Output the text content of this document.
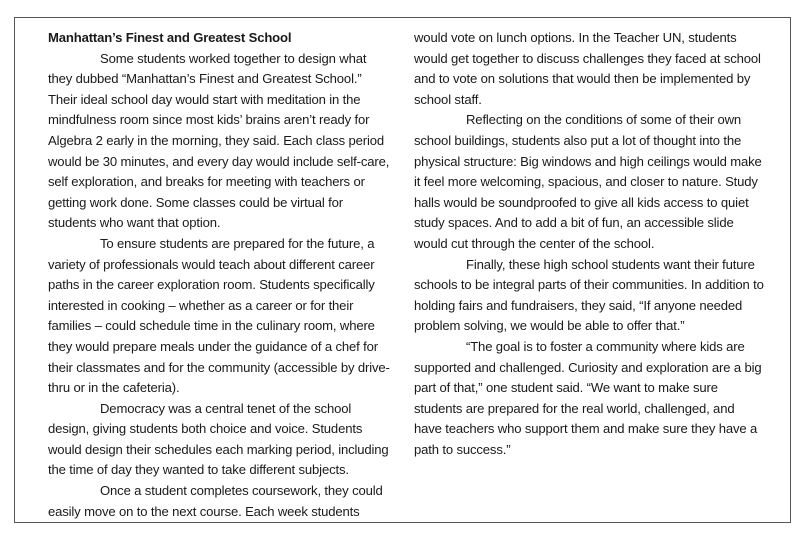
Manhattan’s Finest and Greatest School

Some students worked together to design what they dubbed “Manhattan’s Finest and Greatest School.” Their ideal school day would start with meditation in the mindfulness room since most kids’ brains aren’t ready for Algebra 2 early in the morning, they said. Each class period would be 30 minutes, and every day would include self-care, self exploration, and breaks for meeting with teachers or getting work done. Some classes could be virtual for students who want that option.

To ensure students are prepared for the future, a variety of professionals would teach about different career paths in the career exploration room. Students specifically interested in cooking – whether as a career or for their families – could schedule time in the culinary room, where they would prepare meals under the guidance of a chef for their classmates and for the community (accessible by drive-thru or in the cafeteria).

Democracy was a central tenet of the school design, giving students both choice and voice. Students would design their schedules each marking period, including the time of day they wanted to take different subjects.

Once a student completes coursework, they could easily move on to the next course. Each week students

would vote on lunch options. In the Teacher UN, students would get together to discuss challenges they faced at school and to vote on solutions that would then be implemented by school staff.

Reflecting on the conditions of some of their own school buildings, students also put a lot of thought into the physical structure: Big windows and high ceilings would make it feel more welcoming, spacious, and closer to nature. Study halls would be soundproofed to give all kids access to quiet study spaces. And to add a bit of fun, an accessible slide would cut through the center of the school.

Finally, these high school students want their future schools to be integral parts of their communities. In addition to holding fairs and fundraisers, they said, “If anyone needed problem solving, we would be able to offer that.”

“The goal is to foster a community where kids are supported and challenged. Curiosity and exploration are a big part of that,” one student said. “We want to make sure students are prepared for the real world, challenged, and have teachers who support them and make sure they have a path to success.”
